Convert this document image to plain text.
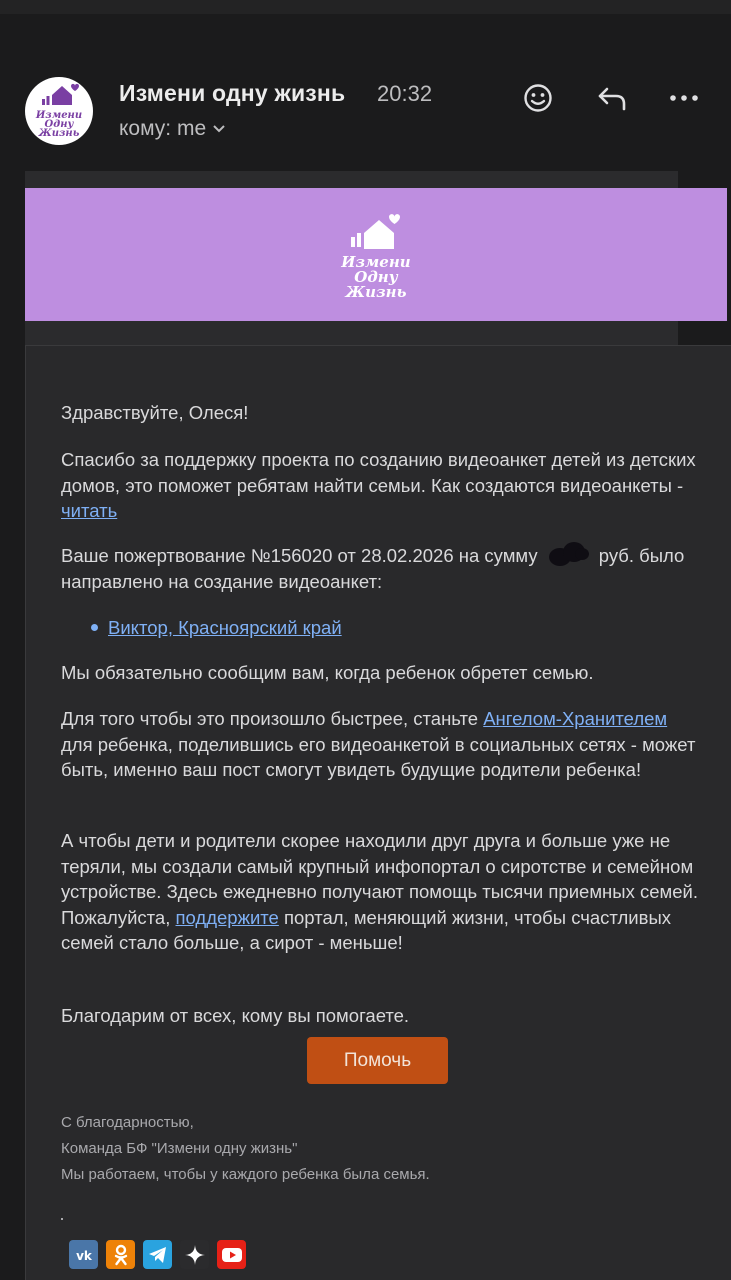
Измени
Одну
Жизнь
Измени одну жизнь 20:32
кому: me
Измени
Одну
Жизнь

Здравствуйте, Олеся!

Спасибо за поддержку проекта по созданию видеоанкет детей из детских домов, это поможет ребятам найти семьи. Как создаются видеоанкеты - читать

Ваше пожертвование №156020 от 28.02.2026 на сумму	руб. было направлено на создание видеоанкет:

Виктор, Красноярский край

Мы обязательно сообщим вам, когда ребенок обретет семью.

Для того чтобы это произошло быстрее, станьте Ангелом-Хранителем для ребенка, поделившись его видеоанкетой в социальных сетях - может быть, именно ваш пост смогут увидеть будущие родители ребенка!

А чтобы дети и родители скорее находили друг друга и больше уже не теряли, мы создали самый крупный инфопортал о сиротстве и семейном устройстве. Здесь ежедневно получают помощь тысячи приемных семей. Пожалуйста, поддержите портал, меняющий жизни, чтобы счастливых семей стало больше, а сирот - меньше!

Благодарим от всех, кому вы помогаете.

Помочь
С благодарностью,
Команда БФ "Измени одну жизнь"
Мы работаем, чтобы у каждого ребенка была семья.
vk
